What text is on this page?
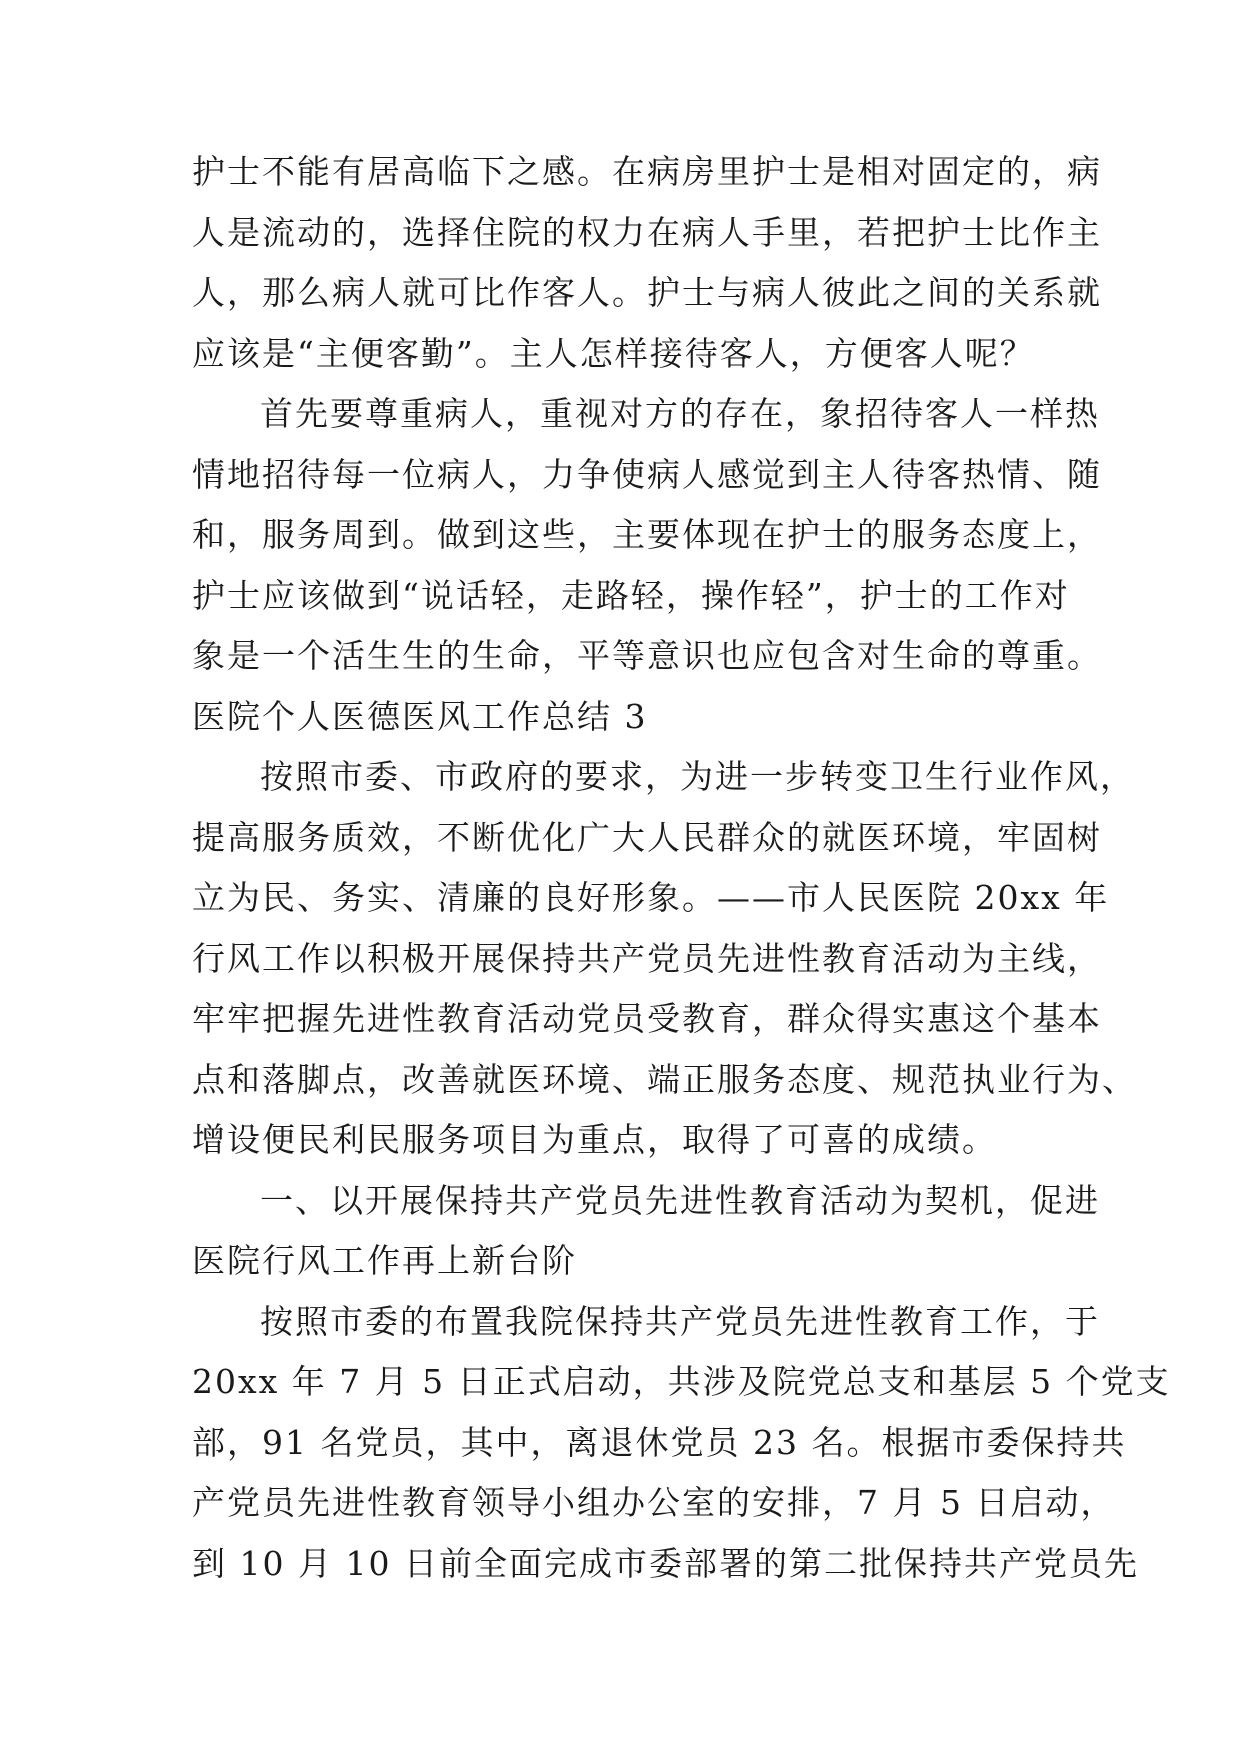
护士不能有居高临下之感。在病房里护士是相对固定的，病
人是流动的，选择住院的权力在病人手里，若把护士比作主
人，那么病人就可比作客人。护士与病人彼此之间的关系就
应该是“主便客勤”。主人怎样接待客人，方便客人呢？
首先要尊重病人，重视对方的存在，象招待客人一样热
情地招待每一位病人，力争使病人感觉到主人待客热情、随
和，服务周到。做到这些，主要体现在护士的服务态度上，
护士应该做到“说话轻，走路轻，操作轻”，护士的工作对
象是一个活生生的生命，平等意识也应包含对生命的尊重。
医院个人医德医风工作总结 3
按照市委、市政府的要求，为进一步转变卫生行业作风，
提高服务质效，不断优化广大人民群众的就医环境，牢固树
立为民、务实、清廉的良好形象。——市人民医院 20xx 年
行风工作以积极开展保持共产党员先进性教育活动为主线，
牢牢把握先进性教育活动党员受教育，群众得实惠这个基本
点和落脚点，改善就医环境、端正服务态度、规范执业行为、
增设便民利民服务项目为重点，取得了可喜的成绩。
一、以开展保持共产党员先进性教育活动为契机，促进
医院行风工作再上新台阶
按照市委的布置我院保持共产党员先进性教育工作，于
20xx 年 7 月 5 日正式启动，共涉及院党总支和基层 5 个党支
部，91 名党员，其中，离退休党员 23 名。根据市委保持共
产党员先进性教育领导小组办公室的安排，7 月 5 日启动，
到 10 月 10 日前全面完成市委部署的第二批保持共产党员先
